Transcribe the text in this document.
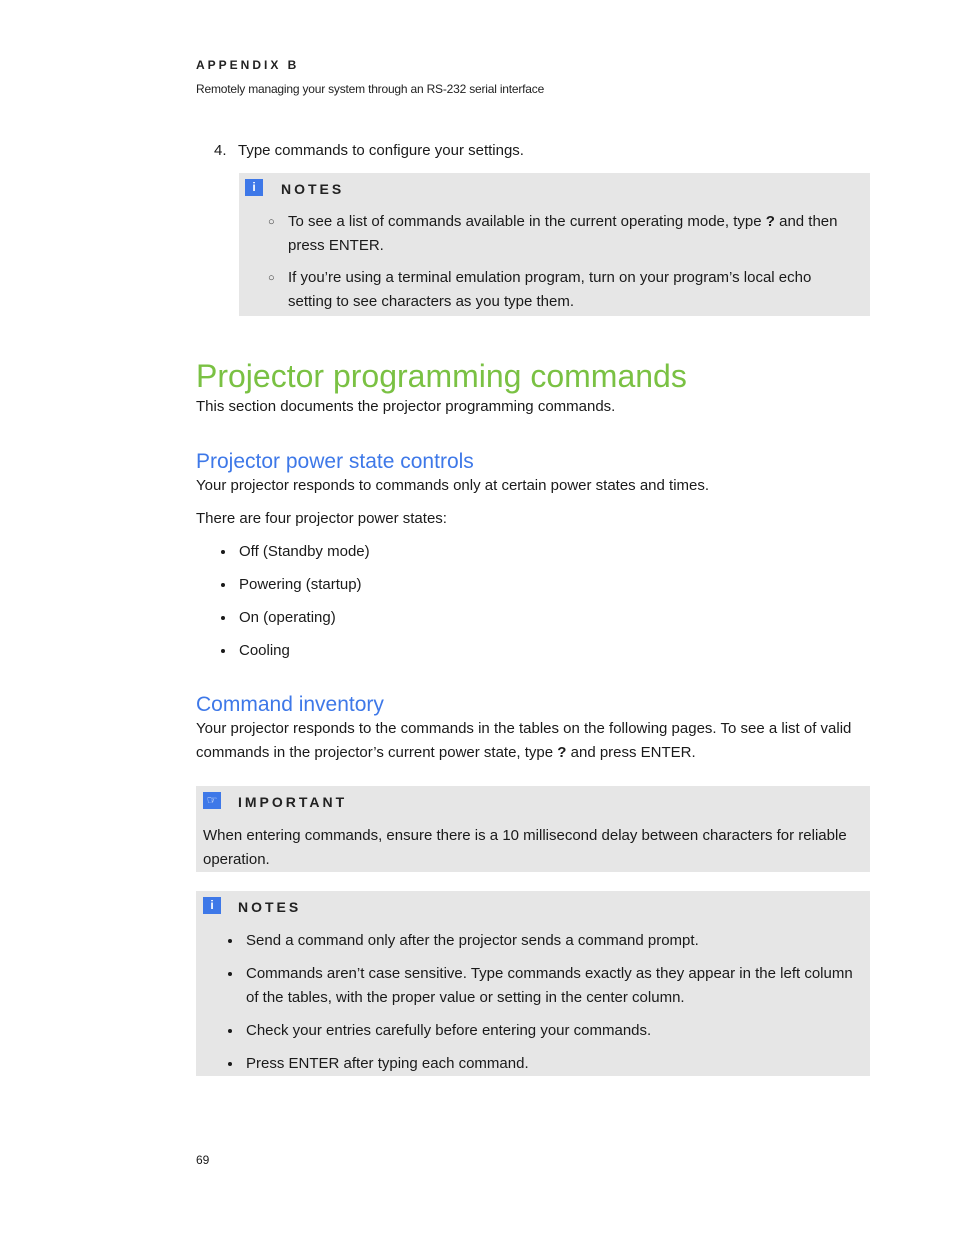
APPENDIX B
Remotely managing your system through an RS-232 serial interface
4. Type commands to configure your settings.
i	NOTES
○ To see a list of commands available in the current operating mode, type ? and then press ENTER.
○ If you’re using a terminal emulation program, turn on your program’s local echo setting to see characters as you type them.
Projector programming commands
This section documents the projector programming commands.
Projector power state controls
Your projector responds to commands only at certain power states and times.
There are four projector power states:
Off (Standby mode)
Powering (startup)
On (operating)
Cooling
Command inventory
Your projector responds to the commands in the tables on the following pages. To see a list of valid commands in the projector’s current power state, type ? and press ENTER.
☞ IMPORTANT
When entering commands, ensure there is a 10 millisecond delay between characters for reliable operation.
i	NOTES
Send a command only after the projector sends a command prompt.
Commands aren’t case sensitive. Type commands exactly as they appear in the left column of the tables, with the proper value or setting in the center column.
Check your entries carefully before entering your commands.
Press ENTER after typing each command.
69
